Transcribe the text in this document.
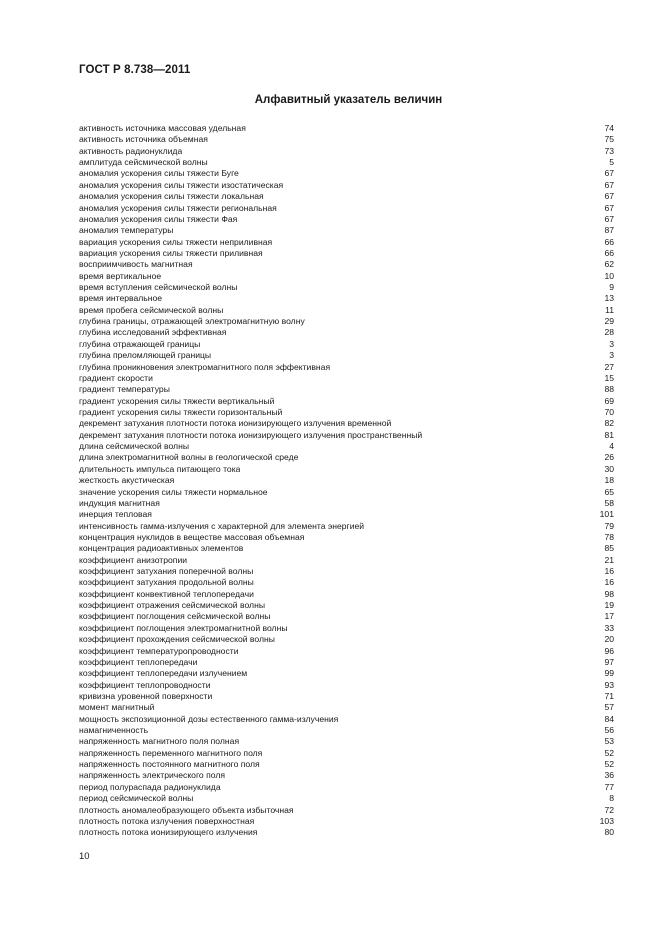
ГОСТ Р 8.738—2011
Алфавитный указатель величин
активность источника массовая удельная	74
активность источника объемная	75
активность радионуклида	73
амплитуда сейсмической волны	5
аномалия ускорения силы тяжести Буге	67
аномалия ускорения силы тяжести изостатическая	67
аномалия ускорения силы тяжести локальная	67
аномалия ускорения силы тяжести региональная	67
аномалия ускорения силы тяжести Фая	67
аномалия температуры	87
вариация ускорения силы тяжести неприливная	66
вариация ускорения силы тяжести приливная	66
восприимчивость магнитная	62
время вертикальное	10
время вступления сейсмической волны	9
время интервальное	13
время пробега сейсмической волны	11
глубина границы, отражающей электромагнитную волну	29
глубина исследований эффективная	28
глубина отражающей границы	3
глубина преломляющей границы	3
глубина проникновения электромагнитного поля эффективная	27
градиент скорости	15
градиент температуры	88
градиент ускорения силы тяжести вертикальный	69
градиент ускорения силы тяжести горизонтальный	70
декремент затухания плотности потока ионизирующего излучения временной	82
декремент затухания плотности потока ионизирующего излучения пространственный	81
длина сейсмической волны	4
длина электромагнитной волны в геологической среде	26
длительность импульса питающего тока	30
жесткость акустическая	18
значение ускорения силы тяжести нормальное	65
индукция магнитная	58
инерция тепловая	101
интенсивность гамма-излучения с характерной для элемента энергией	79
концентрация нуклидов в веществе массовая объемная	78
концентрация радиоактивных элементов	85
коэффициент анизотропии	21
коэффициент затухания поперечной волны	16
коэффициент затухания продольной волны	16
коэффициент конвективной теплопередачи	98
коэффициент отражения сейсмической волны	19
коэффициент поглощения сейсмической волны	17
коэффициент поглощения электромагнитной волны	33
коэффициент прохождения сейсмической волны	20
коэффициент температуропроводности	96
коэффициент теплопередачи	97
коэффициент теплопередачи излучением	99
коэффициент теплопроводности	93
кривизна уровенной поверхности	71
момент магнитный	57
мощность экспозиционной дозы естественного гамма-излучения	84
намагниченность	56
напряженность магнитного поля полная	53
напряженность переменного магнитного поля	52
напряженность постоянного магнитного поля	52
напряженность электрического поля	36
период полураспада радионуклида	77
период сейсмической волны	8
плотность аномалеобразующего объекта избыточная	72
плотность потока излучения поверхностная	103
плотность потока ионизирующего излучения	80
10
